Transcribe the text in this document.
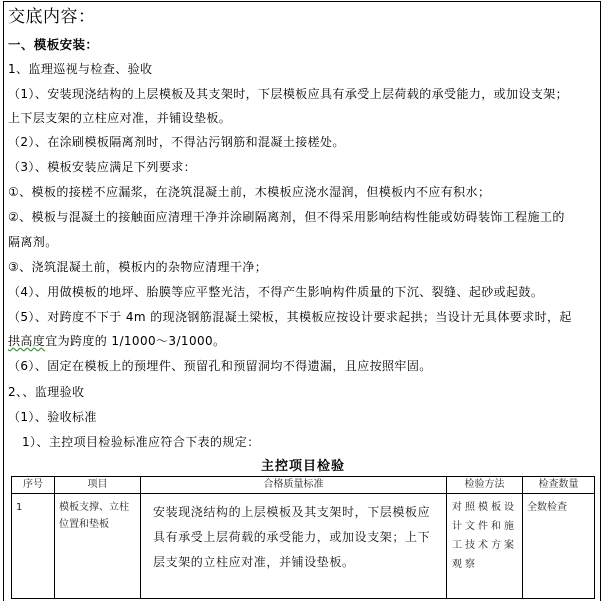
交底内容：
一、模板安装：
1、监理巡视与检查、验收
（1）、安装现浇结构的上层模板及其支架时，下层模板应具有承受上层荷载的承受能力，或加设支架；
上下层支架的立柱应对准，并铺设垫板。
（2）、在涂刷模板隔离剂时，不得沾污钢筋和混凝土接槎处。
（3）、模板安装应满足下列要求：
①、模板的接槎不应漏浆，在浇筑混凝土前，木模板应浇水湿润，但模板内不应有积水；
②、模板与混凝土的接触面应清理干净并涂刷隔离剂，但不得采用影响结构性能或妨碍装饰工程施工的
隔离剂。
③、浇筑混凝土前，模板内的杂物应清理干净；
（4）、用做模板的地坪、胎膜等应平整光洁，不得产生影响构件质量的下沉、裂缝、起砂或起鼓。
（5）、对跨度不下于 4m 的现浇钢筋混凝土梁板，其模板应按设计要求起拱；当设计无具体要求时，起
拱高度宜为跨度的 1/1000～3/1000。
（6）、固定在模板上的预埋件、预留孔和预留洞均不得遗漏，且应按照牢固。
2、、监理验收
（1）、验收标准
1）、主控项目检验标准应符合下表的规定：
主控项目检验
序号	项目	合格质量标准	检验方法	检查数量
1	模板支撑、立柱位置和垫板	安装现浇结构的上层模板及其支架时，下层模板应具有承受上层荷载的承受能力，或加设支架；上下层支架的立柱应对准，并铺设垫板。	对照模板设计文件和施工技术方案观察	全数检查
